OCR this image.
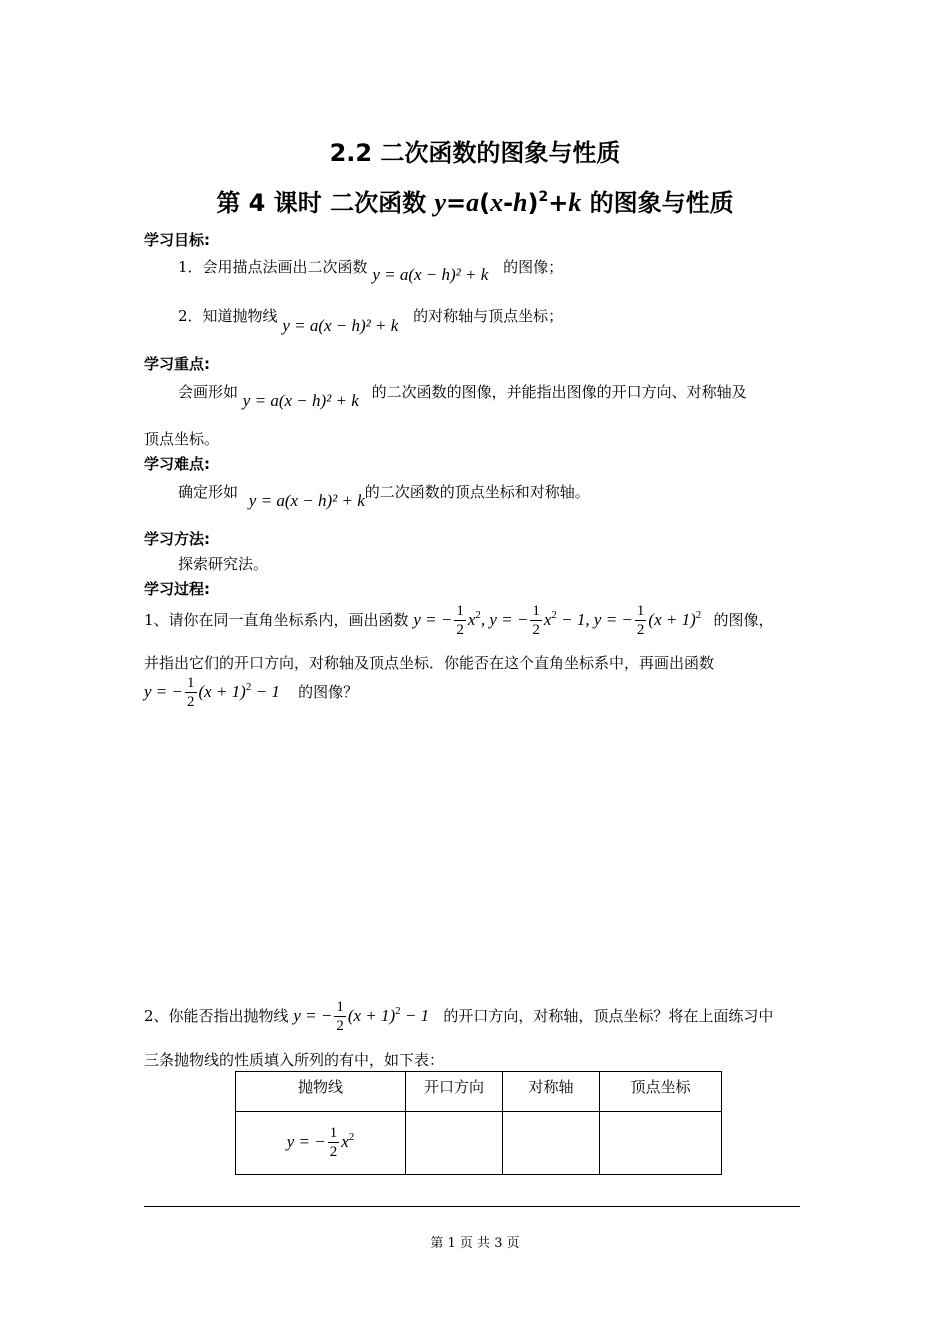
2.2 二次函数的图象与性质
第 4 课时 二次函数 $y=a(x-h)^2+k$ 的图象与性质
学习目标:
1．会用描点法画出二次函数 y = a(x − h)² + k 的图像；
2．知道抛物线 y = a(x − h)² + k 的对称轴与顶点坐标；
学习重点:
会画形如 y = a(x − h)² + k 的二次函数的图像，并能指出图像的开口方向、对称轴及
顶点坐标。
学习难点:
确定形如 y = a(x − h)² + k的二次函数的顶点坐标和对称轴。
学习方法:
探索研究法。
学习过程:
1、请你在同一直角坐标系内，画出函数 y = − $\frac{1}{2} x^2$, y = − $\frac{1}{2} x^2 - 1$, y = − $\frac{1}{2} (x + 1)^2$ 的图像，
并指出它们的开口方向，对称轴及顶点坐标．你能否在这个直角坐标系中，再画出函数
y = − $\frac{1}{2} (x + 1)^2 - 1$ 的图像？
2、你能否指出抛物线 y = − $\frac{1}{2} (x + 1)^2 - 1$ 的开口方向，对称轴，顶点坐标？将在上面练习中
三条抛物线的性质填入所列的有中，如下表：
抛物线	开口方向	对称轴	顶点坐标
y = − $\frac{1}{2} x^2$			
第 1 页 共 3 页
